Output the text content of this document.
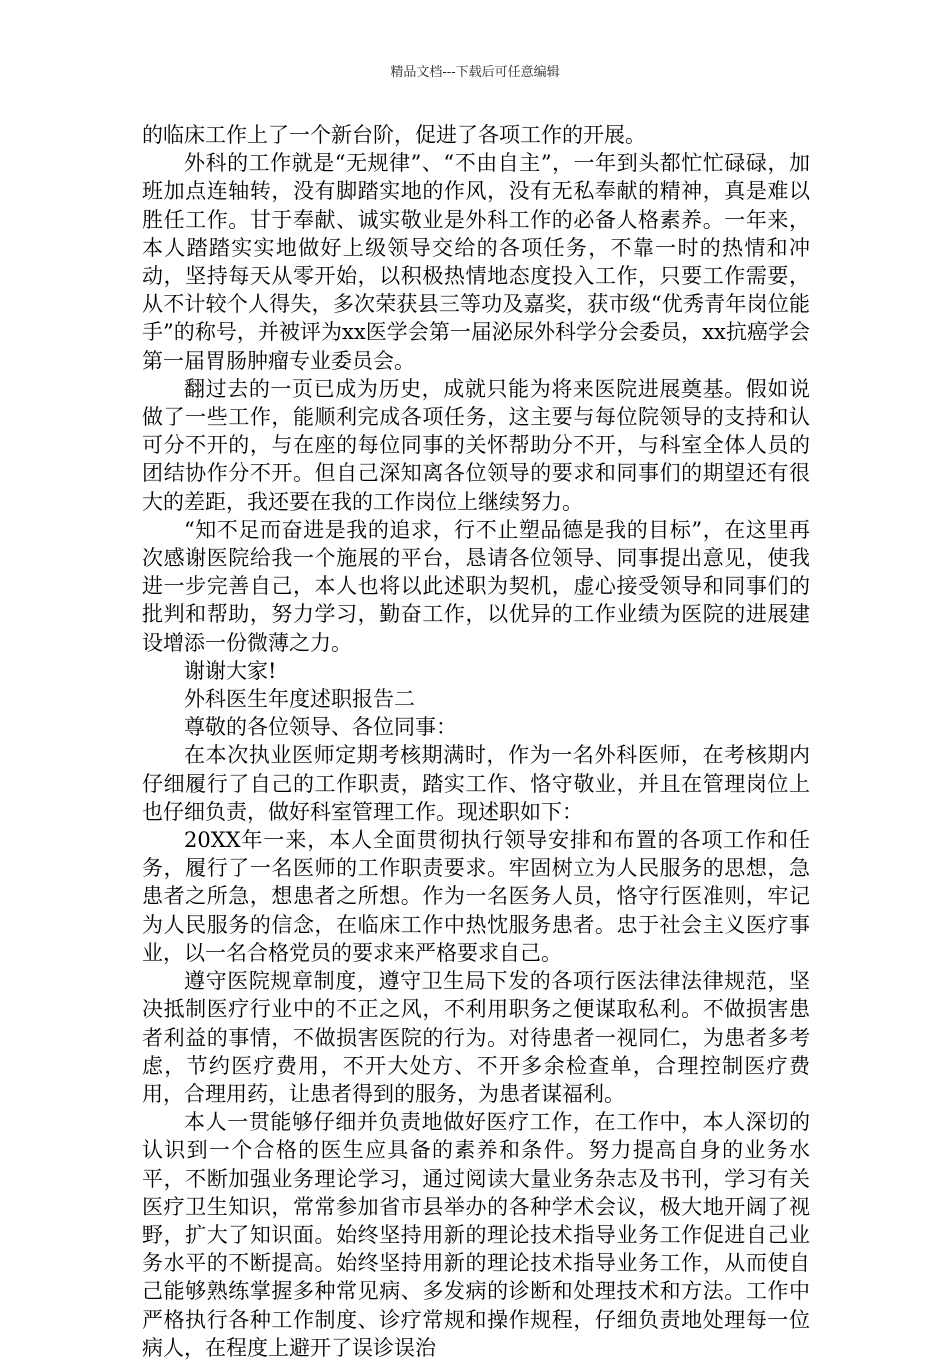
精品文档---下载后可任意编辑

的临床工作上了一个新台阶，促进了各项工作的开展。

外科的工作就是“无规律”、“不由自主”，一年到头都忙忙碌碌，加班加点连轴转，没有脚踏实地的作风，没有无私奉献的精神，真是难以胜任工作。甘于奉献、诚实敬业是外科工作的必备人格素养。一年来，本人踏踏实实地做好上级领导交给的各项任务，不靠一时的热情和冲动，坚持每天从零开始，以积极热情地态度投入工作，只要工作需要，从不计较个人得失，多次荣获县三等功及嘉奖，获市级“优秀青年岗位能手”的称号，并被评为xx医学会第一届泌尿外科学分会委员，xx抗癌学会第一届胃肠肿瘤专业委员会。

翻过去的一页已成为历史，成就只能为将来医院进展奠基。假如说做了一些工作，能顺利完成各项任务，这主要与每位院领导的支持和认可分不开的，与在座的每位同事的关怀帮助分不开，与科室全体人员的团结协作分不开。但自己深知离各位领导的要求和同事们的期望还有很大的差距，我还要在我的工作岗位上继续努力。

“知不足而奋进是我的追求，行不止塑品德是我的目标”，在这里再次感谢医院给我一个施展的平台，恳请各位领导、同事提出意见，使我进一步完善自己，本人也将以此述职为契机，虚心接受领导和同事们的批判和帮助，努力学习，勤奋工作，以优异的工作业绩为医院的进展建设增添一份微薄之力。

谢谢大家!

外科医生年度述职报告二

尊敬的各位领导、各位同事：

在本次执业医师定期考核期满时，作为一名外科医师，在考核期内仔细履行了自己的工作职责，踏实工作、恪守敬业，并且在管理岗位上也仔细负责，做好科室管理工作。现述职如下：

20XX年一来，本人全面贯彻执行领导安排和布置的各项工作和任务，履行了一名医师的工作职责要求。牢固树立为人民服务的思想，急患者之所急，想患者之所想。作为一名医务人员，恪守行医准则，牢记为人民服务的信念，在临床工作中热忱服务患者。忠于社会主义医疗事业，以一名合格党员的要求来严格要求自己。

遵守医院规章制度，遵守卫生局下发的各项行医法律法律规范，坚决抵制医疗行业中的不正之风，不利用职务之便谋取私利。不做损害患者利益的事情，不做损害医院的行为。对待患者一视同仁，为患者多考虑，节约医疗费用，不开大处方、不开多余检查单，合理控制医疗费用，合理用药，让患者得到的服务，为患者谋福利。

本人一贯能够仔细并负责地做好医疗工作，在工作中，本人深切的认识到一个合格的医生应具备的素养和条件。努力提高自身的业务水平，不断加强业务理论学习，通过阅读大量业务杂志及书刊，学习有关医疗卫生知识，常常参加省市县举办的各种学术会议，极大地开阔了视野，扩大了知识面。始终坚持用新的理论技术指导业务工作促进自己业务水平的不断提高。始终坚持用新的理论技术指导业务工作，从而使自己能够熟练掌握多种常见病、多发病的诊断和处理技术和方法。工作中严格执行各种工作制度、诊疗常规和操作规程，仔细负责地处理每一位病人，在程度上避开了误诊误治
